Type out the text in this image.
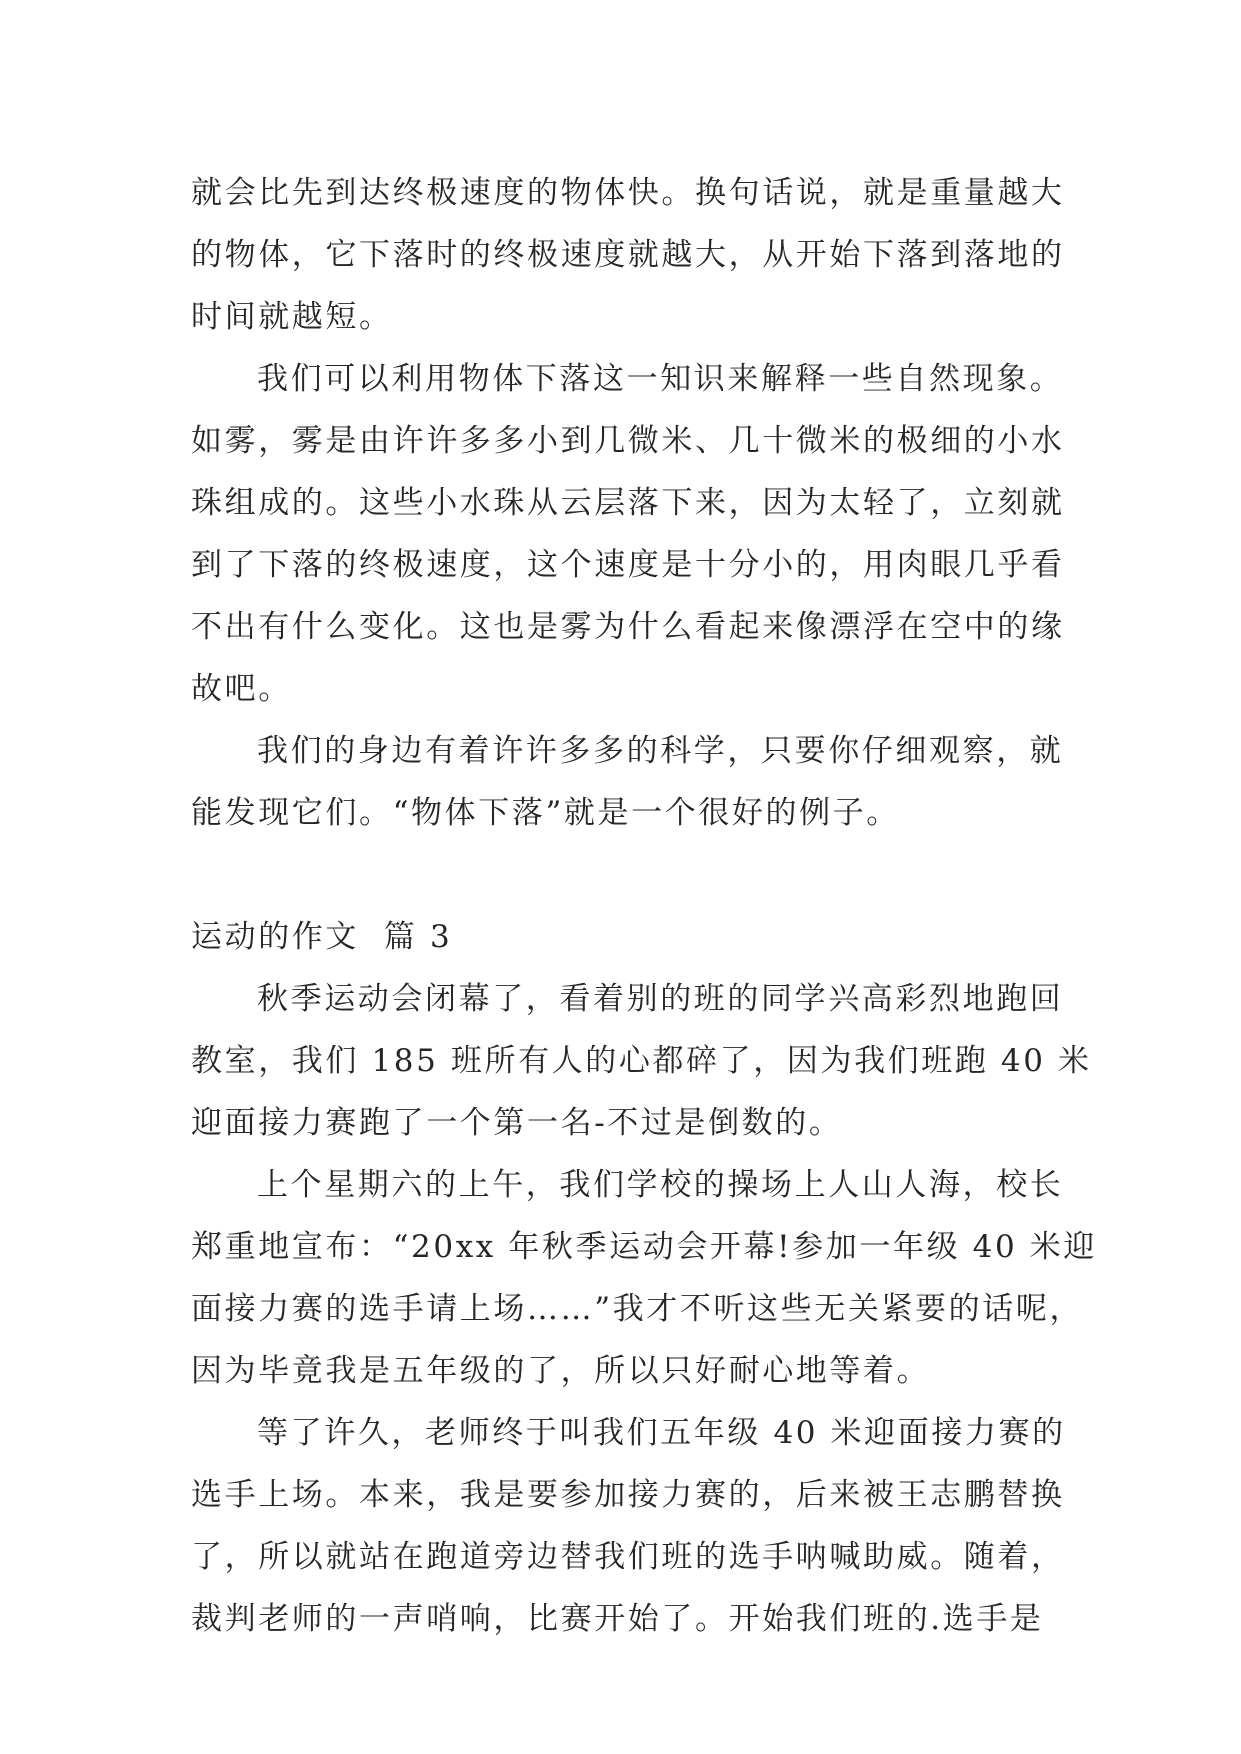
就会比先到达终极速度的物体快。换句话说，就是重量越大
的物体，它下落时的终极速度就越大，从开始下落到落地的
时间就越短。
我们可以利用物体下落这一知识来解释一些自然现象。
如雾，雾是由许许多多小到几微米、几十微米的极细的小水
珠组成的。这些小水珠从云层落下来，因为太轻了，立刻就
到了下落的终极速度，这个速度是十分小的，用肉眼几乎看
不出有什么变化。这也是雾为什么看起来像漂浮在空中的缘
故吧。
我们的身边有着许许多多的科学，只要你仔细观察，就
能发现它们。“物体下落”就是一个很好的例子。
运动的作文  篇 3
秋季运动会闭幕了，看着别的班的同学兴高彩烈地跑回
教室，我们 185 班所有人的心都碎了，因为我们班跑 40 米
迎面接力赛跑了一个第一名-不过是倒数的。
上个星期六的上午，我们学校的操场上人山人海，校长
郑重地宣布：“20xx 年秋季运动会开幕!参加一年级 40 米迎
面接力赛的选手请上场……”我才不听这些无关紧要的话呢，
因为毕竟我是五年级的了，所以只好耐心地等着。
等了许久，老师终于叫我们五年级 40 米迎面接力赛的
选手上场。本来，我是要参加接力赛的，后来被王志鹏替换
了，所以就站在跑道旁边替我们班的选手呐喊助威。随着，
裁判老师的一声哨响，比赛开始了。开始我们班的.选手是
